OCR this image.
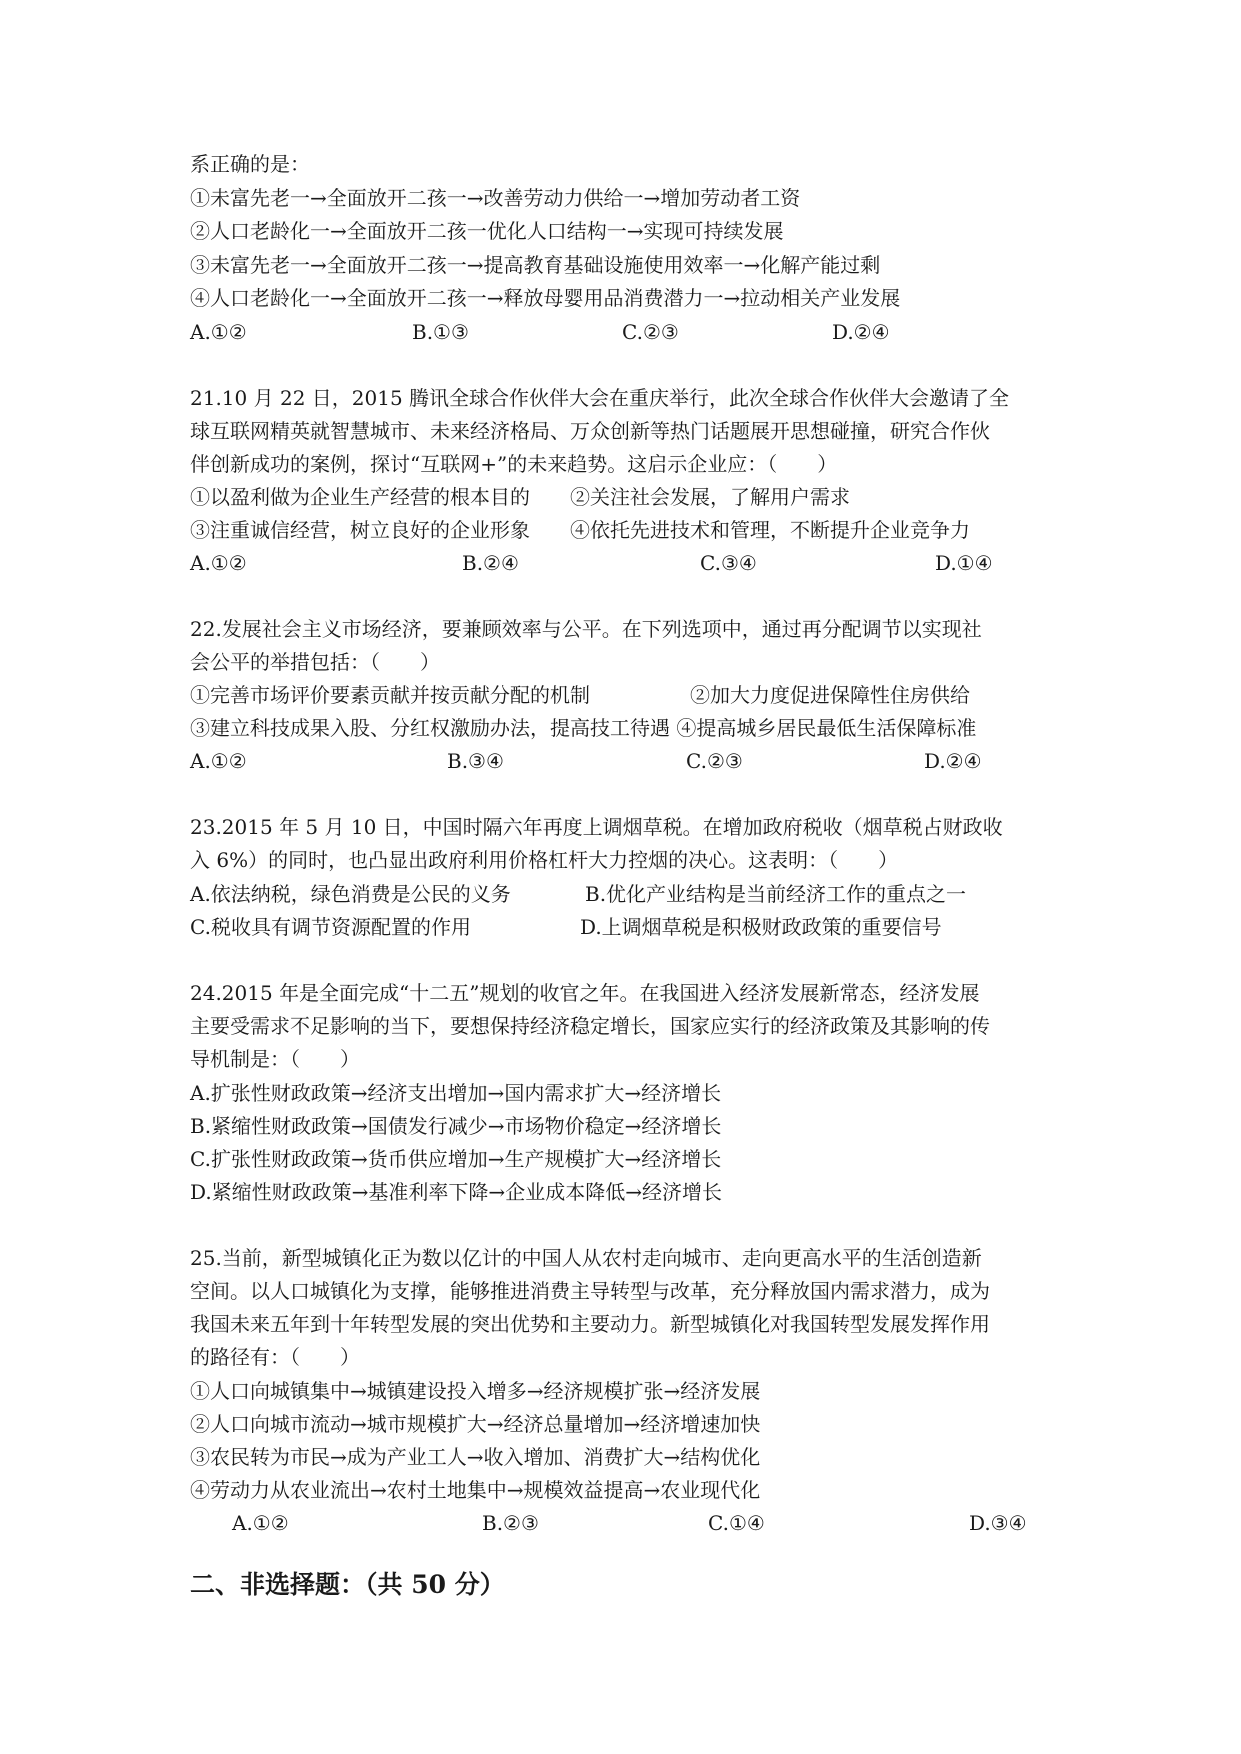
系正确的是：
①未富先老一→全面放开二孩一→改善劳动力供给一→增加劳动者工资
②人口老龄化一→全面放开二孩一优化人口结构一→实现可持续发展
③未富先老一→全面放开二孩一→提高教育基础设施使用效率一→化解产能过剩
④人口老龄化一→全面放开二孩一→释放母婴用品消费潜力一→拉动相关产业发展
A.①②	B.①③	C.②③	D.②④
21.10 月 22 日，2015 腾讯全球合作伙伴大会在重庆举行，此次全球合作伙伴大会邀请了全
球互联网精英就智慧城市、未来经济格局、万众创新等热门话题展开思想碰撞，研究合作伙
伴创新成功的案例，探讨“互联网+”的未来趋势。这启示企业应：（　　）
①以盈利做为企业生产经营的根本目的　　②关注社会发展，了解用户需求
③注重诚信经营，树立良好的企业形象　　④依托先进技术和管理，不断提升企业竞争力
A.①②	B.②④	C.③④	D.①④
22.发展社会主义市场经济，要兼顾效率与公平。在下列选项中，通过再分配调节以实现社
会公平的举措包括：（　　）
①完善市场评价要素贡献并按贡献分配的机制　　　　　②加大力度促进保障性住房供给
③建立科技成果入股、分红权激励办法，提高技工待遇 ④提高城乡居民最低生活保障标准
A.①②	B.③④	C.②③	D.②④
23.2015 年 5 月 10 日，中国时隔六年再度上调烟草税。在增加政府税收（烟草税占财政收
入 6%）的同时，也凸显出政府利用价格杠杆大力控烟的决心。这表明：（　　）
A.依法纳税，绿色消费是公民的义务	B.优化产业结构是当前经济工作的重点之一
C.税收具有调节资源配置的作用	D.上调烟草税是积极财政政策的重要信号
24.2015 年是全面完成“十二五”规划的收官之年。在我国进入经济发展新常态，经济发展
主要受需求不足影响的当下，要想保持经济稳定增长，国家应实行的经济政策及其影响的传
导机制是：（　　）
A.扩张性财政政策→经济支出增加→国内需求扩大→经济增长
B.紧缩性财政政策→国债发行减少→市场物价稳定→经济增长
C.扩张性财政政策→货币供应增加→生产规模扩大→经济增长
D.紧缩性财政政策→基准利率下降→企业成本降低→经济增长
25.当前，新型城镇化正为数以亿计的中国人从农村走向城市、走向更高水平的生活创造新
空间。以人口城镇化为支撑，能够推进消费主导转型与改革，充分释放国内需求潜力，成为
我国未来五年到十年转型发展的突出优势和主要动力。新型城镇化对我国转型发展发挥作用
的路径有：（　　）
①人口向城镇集中→城镇建设投入增多→经济规模扩张→经济发展
②人口向城市流动→城市规模扩大→经济总量增加→经济增速加快
③农民转为市民→成为产业工人→收入增加、消费扩大→结构优化
④劳动力从农业流出→农村土地集中→规模效益提高→农业现代化
A.①②	B.②③	C.①④	D.③④
二、非选择题：（共 50 分）
